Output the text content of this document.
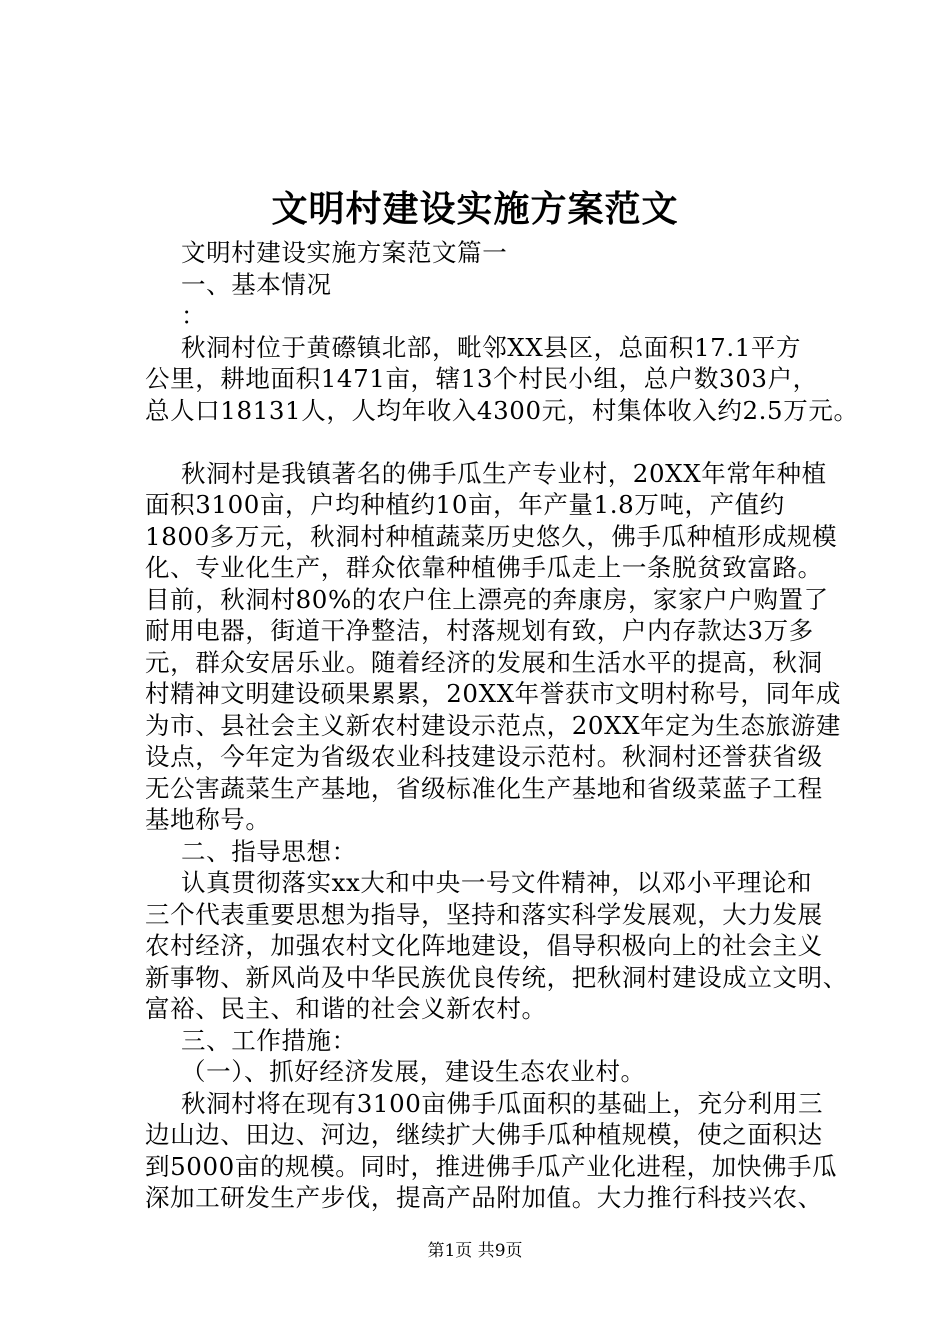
文明村建设实施方案范文
文明村建设实施方案范文篇一
一、基本情况
：
秋洞村位于黄礤镇北部，毗邻XX县区，总面积17.1平方
公里，耕地面积1471亩，辖13个村民小组，总户数303户，
总人口18131人，人均年收入4300元，村集体收入约2.5万元。
秋洞村是我镇著名的佛手瓜生产专业村，20XX年常年种植
面积3100亩，户均种植约10亩，年产量1.8万吨，产值约
1800多万元，秋洞村种植蔬菜历史悠久，佛手瓜种植形成规模
化、专业化生产，群众依靠种植佛手瓜走上一条脱贫致富路。
目前，秋洞村80%的农户住上漂亮的奔康房，家家户户购置了
耐用电器，街道干净整洁，村落规划有致，户内存款达3万多
元，群众安居乐业。随着经济的发展和生活水平的提高，秋洞
村精神文明建设硕果累累，20XX年誉获市文明村称号，同年成
为市、县社会主义新农村建设示范点，20XX年定为生态旅游建
设点，今年定为省级农业科技建设示范村。秋洞村还誉获省级
无公害蔬菜生产基地，省级标准化生产基地和省级菜蓝子工程
基地称号。
二、指导思想：
认真贯彻落实xx大和中央一号文件精神，以邓小平理论和
三个代表重要思想为指导，坚持和落实科学发展观，大力发展
农村经济，加强农村文化阵地建设，倡导积极向上的社会主义
新事物、新风尚及中华民族优良传统，把秋洞村建设成立文明、
富裕、民主、和谐的社会义新农村。
三、工作措施：
（一）、抓好经济发展，建设生态农业村。
秋洞村将在现有3100亩佛手瓜面积的基础上，充分利用三
边山边、田边、河边，继续扩大佛手瓜种植规模，使之面积达
到5000亩的规模。同时，推进佛手瓜产业化进程，加快佛手瓜
深加工研发生产步伐，提高产品附加值。大力推行科技兴农、
第1页 共9页
